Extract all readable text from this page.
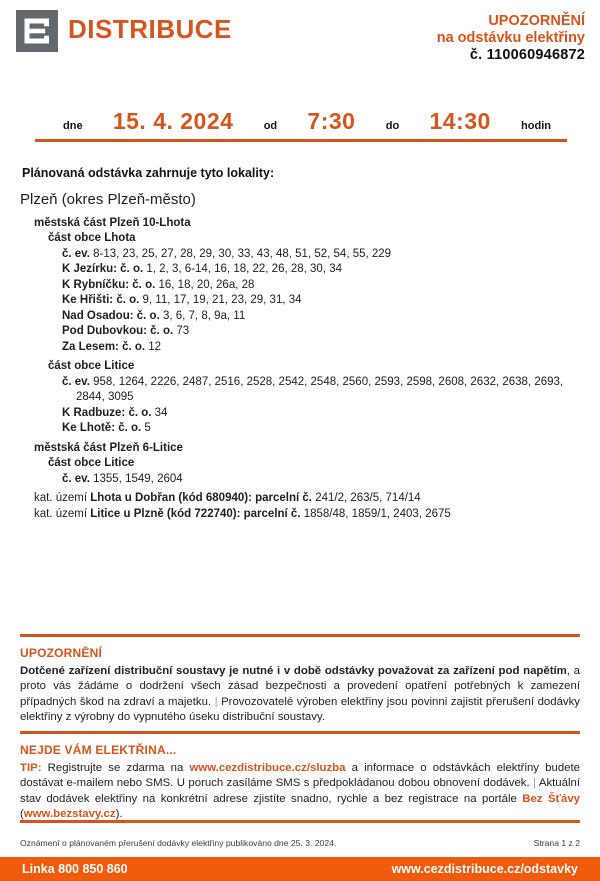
DISTRIBUCE	UPOZORNĚNÍ
na odstávku elektřiny
č. 110060946872
dne 15. 4. 2024	od 7:30	do 14:30	hodin
Plánovaná odstávka zahrnuje tyto lokality:
Plzeň (okres Plzeň-město)
městská část Plzeň 10-Lhota
část obce Lhota
č. ev. 8-13, 23, 25, 27, 28, 29, 30, 33, 43, 48, 51, 52, 54, 55, 229
K Jezírku: č. o. 1, 2, 3, 6-14, 16, 18, 22, 26, 28, 30, 34
K Rybníčku: č. o. 16, 18, 20, 26a, 28
Ke Hřišti: č. o. 9, 11, 17, 19, 21, 23, 29, 31, 34
Nad Osadou: č. o. 3, 6, 7, 8, 9a, 11
Pod Dubovkou: č. o. 73
Za Lesem: č. o. 12
část obce Litice
č. ev. 958, 1264, 2226, 2487, 2516, 2528, 2542, 2548, 2560, 2593, 2598, 2608, 2632, 2638, 2693, 2844, 3095
K Radbuze: č. o. 34
Ke Lhotě: č. o. 5
městská část Plzeň 6-Litice
část obce Litice
č. ev. 1355, 1549, 2604
kat. území Lhota u Dobřan (kód 680940): parcelní č. 241/2, 263/5, 714/14
kat. území Litice u Plzně (kód 722740): parcelní č. 1858/48, 1859/1, 2403, 2675
UPOZORNĚNÍ
Dotčené zařízení distribuční soustavy je nutné i v době odstávky považovat za zařízení pod napětím, a proto vás žádáme o dodržení všech zásad bezpečnosti a provedení opatření potřebných k zamezení případných škod na zdraví a majetku. | Provozovatelé výroben elektřiny jsou povinni zajistit přerušení dodávky elektřiny z výrobny do vypnutého úseku distribuční soustavy.
NEJDE VÁM ELEKTŘINA...
TIP: Registrujte se zdarma na www.cezdistribuce.cz/sluzba a informace o odstávkách elektřiny budete dostávat e-mailem nebo SMS. U poruch zasíláme SMS s předpokládanou dobou obnovení dodávek. | Aktuální stav dodávek elektřiny na konkrétní adrese zjistíte snadno, rychle a bez registrace na portále Bez Šťávy (www.bezstavy.cz).
Oznámení o plánovaném přerušení dodávky elektřiny publikováno dne 25. 3. 2024.	Strana 1 z 2
Linka 800 850 860	www.cezdistribuce.cz/odstavky
